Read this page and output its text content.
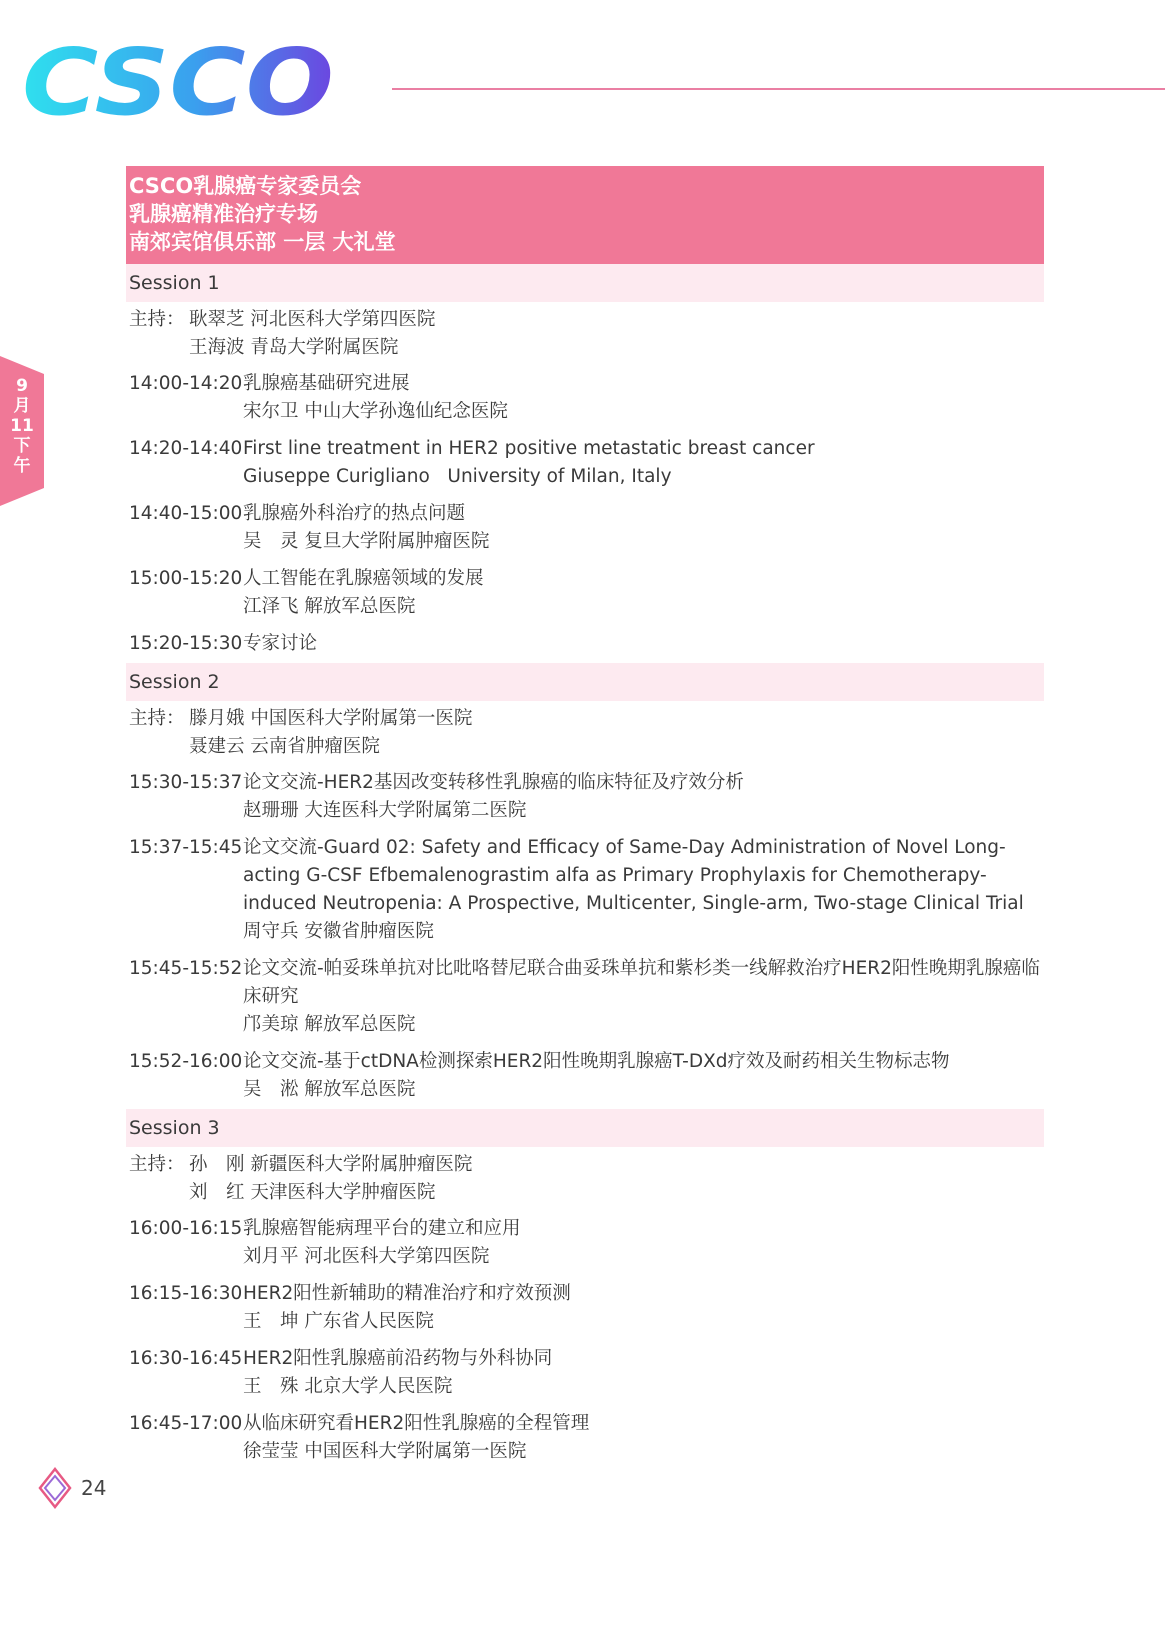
CSCO
9
月
11
下
午
CSCO乳腺癌专家委员会
乳腺癌精准治疗专场
南郊宾馆俱乐部 一层 大礼堂
Session 1
主持： 耿翠芝 河北医科大学第四医院
王海波 青岛大学附属医院
14:00-14:20 乳腺癌基础研究进展
宋尔卫 中山大学孙逸仙纪念医院
14:20-14:40 First line treatment in HER2 positive metastatic breast cancer
Giuseppe Curigliano   University of Milan, Italy
14:40-15:00 乳腺癌外科治疗的热点问题
吴　灵 复旦大学附属肿瘤医院
15:00-15:20 人工智能在乳腺癌领域的发展
江泽飞 解放军总医院
15:20-15:30 专家讨论
Session 2
主持： 滕月娥 中国医科大学附属第一医院
聂建云 云南省肿瘤医院
15:30-15:37 论文交流-HER2基因改变转移性乳腺癌的临床特征及疗效分析
赵珊珊 大连医科大学附属第二医院
15:37-15:45 论文交流-Guard 02: Safety and Efficacy of Same-Day Administration of Novel Long-acting G-CSF Efbemalenograstim alfa as Primary Prophylaxis for Chemotherapy-induced Neutropenia: A Prospective, Multicenter, Single-arm, Two-stage Clinical Trial
周守兵 安徽省肿瘤医院
15:45-15:52 论文交流-帕妥珠单抗对比吡咯替尼联合曲妥珠单抗和紫杉类一线解救治疗HER2阳性晚期乳腺癌临床研究
邝美琼 解放军总医院
15:52-16:00 论文交流-基于ctDNA检测探索HER2阳性晚期乳腺癌T-DXd疗效及耐药相关生物标志物
吴　淞 解放军总医院
Session 3
主持： 孙　刚 新疆医科大学附属肿瘤医院
刘　红 天津医科大学肿瘤医院
16:00-16:15 乳腺癌智能病理平台的建立和应用
刘月平 河北医科大学第四医院
16:15-16:30 HER2阳性新辅助的精准治疗和疗效预测
王　坤 广东省人民医院
16:30-16:45 HER2阳性乳腺癌前沿药物与外科协同
王　殊 北京大学人民医院
16:45-17:00 从临床研究看HER2阳性乳腺癌的全程管理
徐莹莹 中国医科大学附属第一医院
24
